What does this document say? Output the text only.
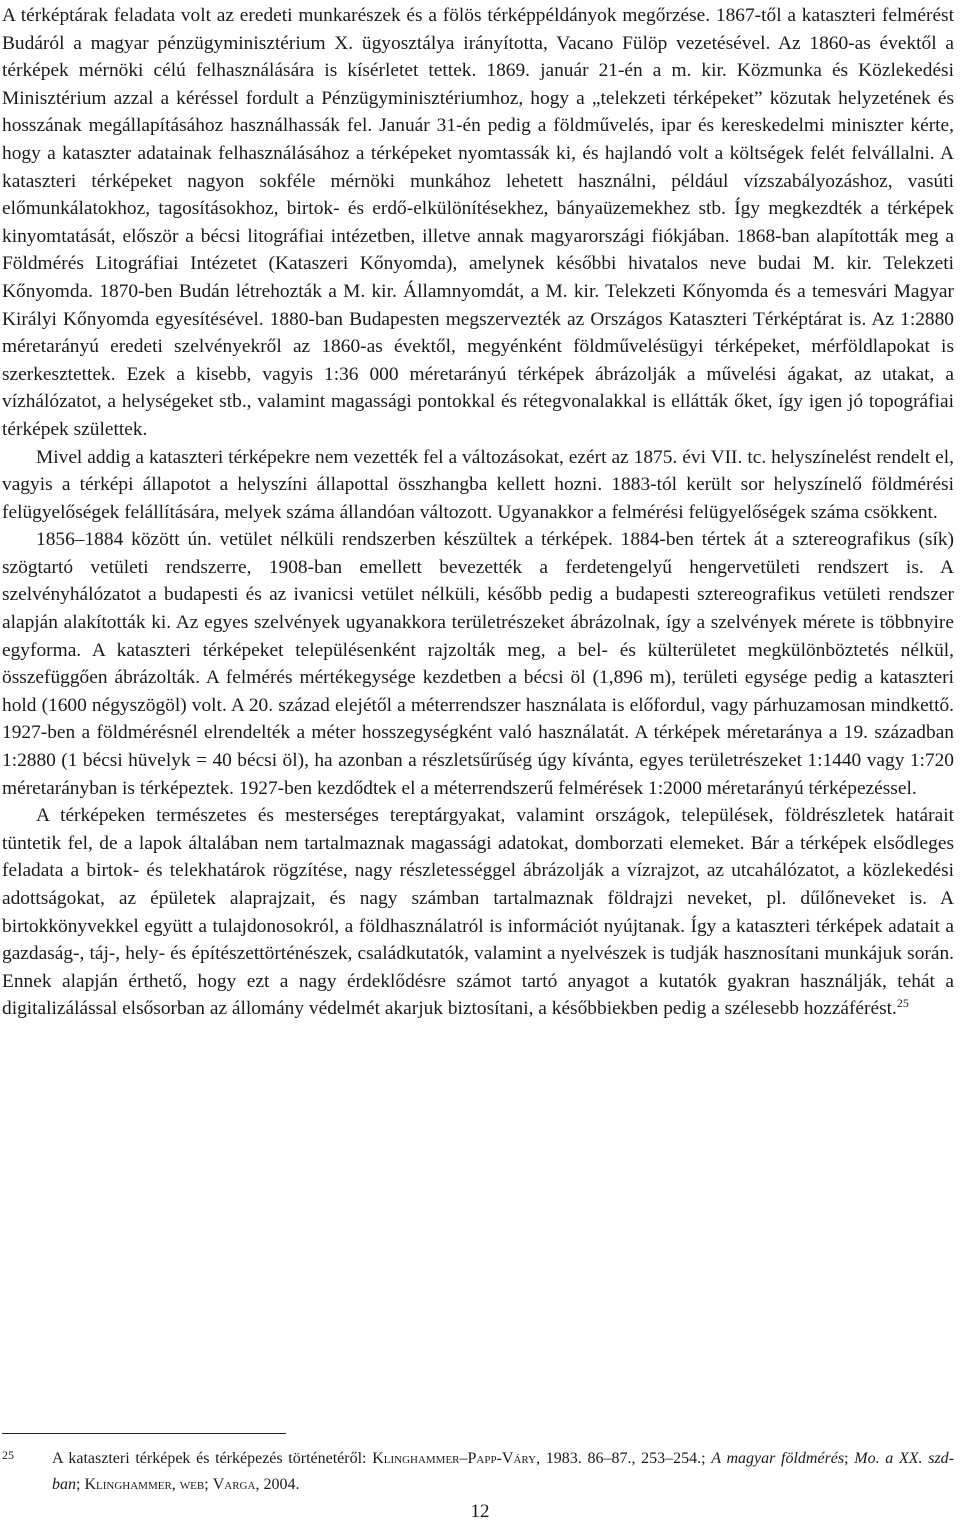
A térképtárak feladata volt az eredeti munkarészek és a fölös térképpéldányok megőrzése. 1867-től a kataszteri felmérést Budáról a magyar pénzügyminisztérium X. ügyosztálya irányította, Vacano Fülöp vezetésével. Az 1860-as évektől a térképek mérnöki célú felhasználására is kísérletet tettek. 1869. január 21-én a m. kir. Közmunka és Közlekedési Minisztérium azzal a kéréssel fordult a Pénzügyminisztériumhoz, hogy a „telekzeti térképeket” közutak helyzetének és hosszának megállapításához használhassák fel. Január 31-én pedig a földművelés, ipar és kereskedelmi miniszter kérte, hogy a kataszter adatainak felhasználásához a térképeket nyomtassák ki, és hajlandó volt a költségek felét felvállalni. A kataszteri térképeket nagyon sokféle mérnöki munkához lehetett használni, például vízszabályozáshoz, vasúti előmunkálatokhoz, tagosításokhoz, birtok- és erdő-elkülönítésekhez, bányaüzemekhez stb. Így megkezdték a térképek kinyomtatását, először a bécsi litográfiai intézetben, illetve annak magyarországi fiókjában. 1868-ban alapították meg a Földmérés Litográfiai Intézetet (Kataszeri Kőnyomda), amelynek későbbi hivatalos neve budai M. kir. Telekzeti Kőnyomda. 1870-ben Budán létrehozták a M. kir. Államnyomdát, a M. kir. Telekzeti Kőnyomda és a temesvári Magyar Királyi Kőnyomda egyesítésével. 1880-ban Budapesten megszervezték az Országos Kataszteri Térképtárat is. Az 1:2880 méretarányú eredeti szelvényekről az 1860-as évektől, megyénként földművelésügyi térképeket, mérföldlapokat is szerkesztettek. Ezek a kisebb, vagyis 1:36 000 méretarányú térképek ábrázolják a művelési ágakat, az utakat, a vízhálózatot, a helységeket stb., valamint magassági pontokkal és rétegvonalakkal is ellátták őket, így igen jó topográfiai térképek születtek.

Mivel addig a kataszteri térképekre nem vezették fel a változásokat, ezért az 1875. évi VII. tc. helyszínelést rendelt el, vagyis a térképi állapotot a helyszíni állapottal összhangba kellett hozni. 1883-tól került sor helyszínelő földmérési felügyelőségek felállítására, melyek száma állandóan változott. Ugyanakkor a felmérési felügyelőségek száma csökkent.

1856–1884 között ún. vetület nélküli rendszerben készültek a térképek. 1884-ben tértek át a sztereografikus (sík) szögtartó vetületi rendszerre, 1908-ban emellett bevezették a ferdetengelyű hengervetületi rendszert is. A szelvényhálózatot a budapesti és az ivanicsi vetület nélküli, később pedig a budapesti sztereografikus vetületi rendszer alapján alakították ki. Az egyes szelvények ugyanakkora területrészeket ábrázolnak, így a szelvények mérete is többnyire egyforma. A kataszteri térképeket településenként rajzolták meg, a bel- és külterületet megkülönböztetés nélkül, összefüggően ábrázolták. A felmérés mértékegysége kezdetben a bécsi öl (1,896 m), területi egysége pedig a kataszteri hold (1600 négyszögöl) volt. A 20. század elejétől a méterrendszer használata is előfordul, vagy párhuzamosan mindkettő. 1927-ben a földmérésnél elrendelték a méter hosszegységként való használatát. A térképek méretaránya a 19. században 1:2880 (1 bécsi hüvelyk = 40 bécsi öl), ha azonban a részletsűrűség úgy kívánta, egyes területrészeket 1:1440 vagy 1:720 méretarányban is térképeztek. 1927-ben kezdődtek el a méterrendszerű felmérések 1:2000 méretarányú térképezéssel.

A térképeken természetes és mesterséges tereptárgyakat, valamint országok, települések, földrészletek határait tüntetik fel, de a lapok általában nem tartalmaznak magassági adatokat, domborzati elemeket. Bár a térképek elsődleges feladata a birtok- és telekhatárok rögzítése, nagy részletességgel ábrázolják a vízrajzot, az utcahálózatot, a közlekedési adottságokat, az épületek alaprajzait, és nagy számban tartalmaznak földrajzi neveket, pl. dűlőneveket is. A birtokkönyvekkel együtt a tulajdonosokról, a földhasználatról is információt nyújtanak. Így a kataszteri térképek adatait a gazdaság-, táj-, hely- és építészettörténészek, családkutatók, valamint a nyelvészek is tudják hasznosítani munkájuk során. Ennek alapján érthető, hogy ezt a nagy érdeklődésre számot tartó anyagot a kutatók gyakran használják, tehát a digitalizálással elsősorban az állomány védelmét akarjuk biztosítani, a későbbiekben pedig a szélesebb hozzáférést.$^{25}$

25	A kataszteri térképek és térképezés történetéről: Klinghammer–Papp-Váry, 1983. 86–87., 253–254.; A magyar földmérés; Mo. a XX. szd-ban; Klinghammer, web; Varga, 2004.
12
